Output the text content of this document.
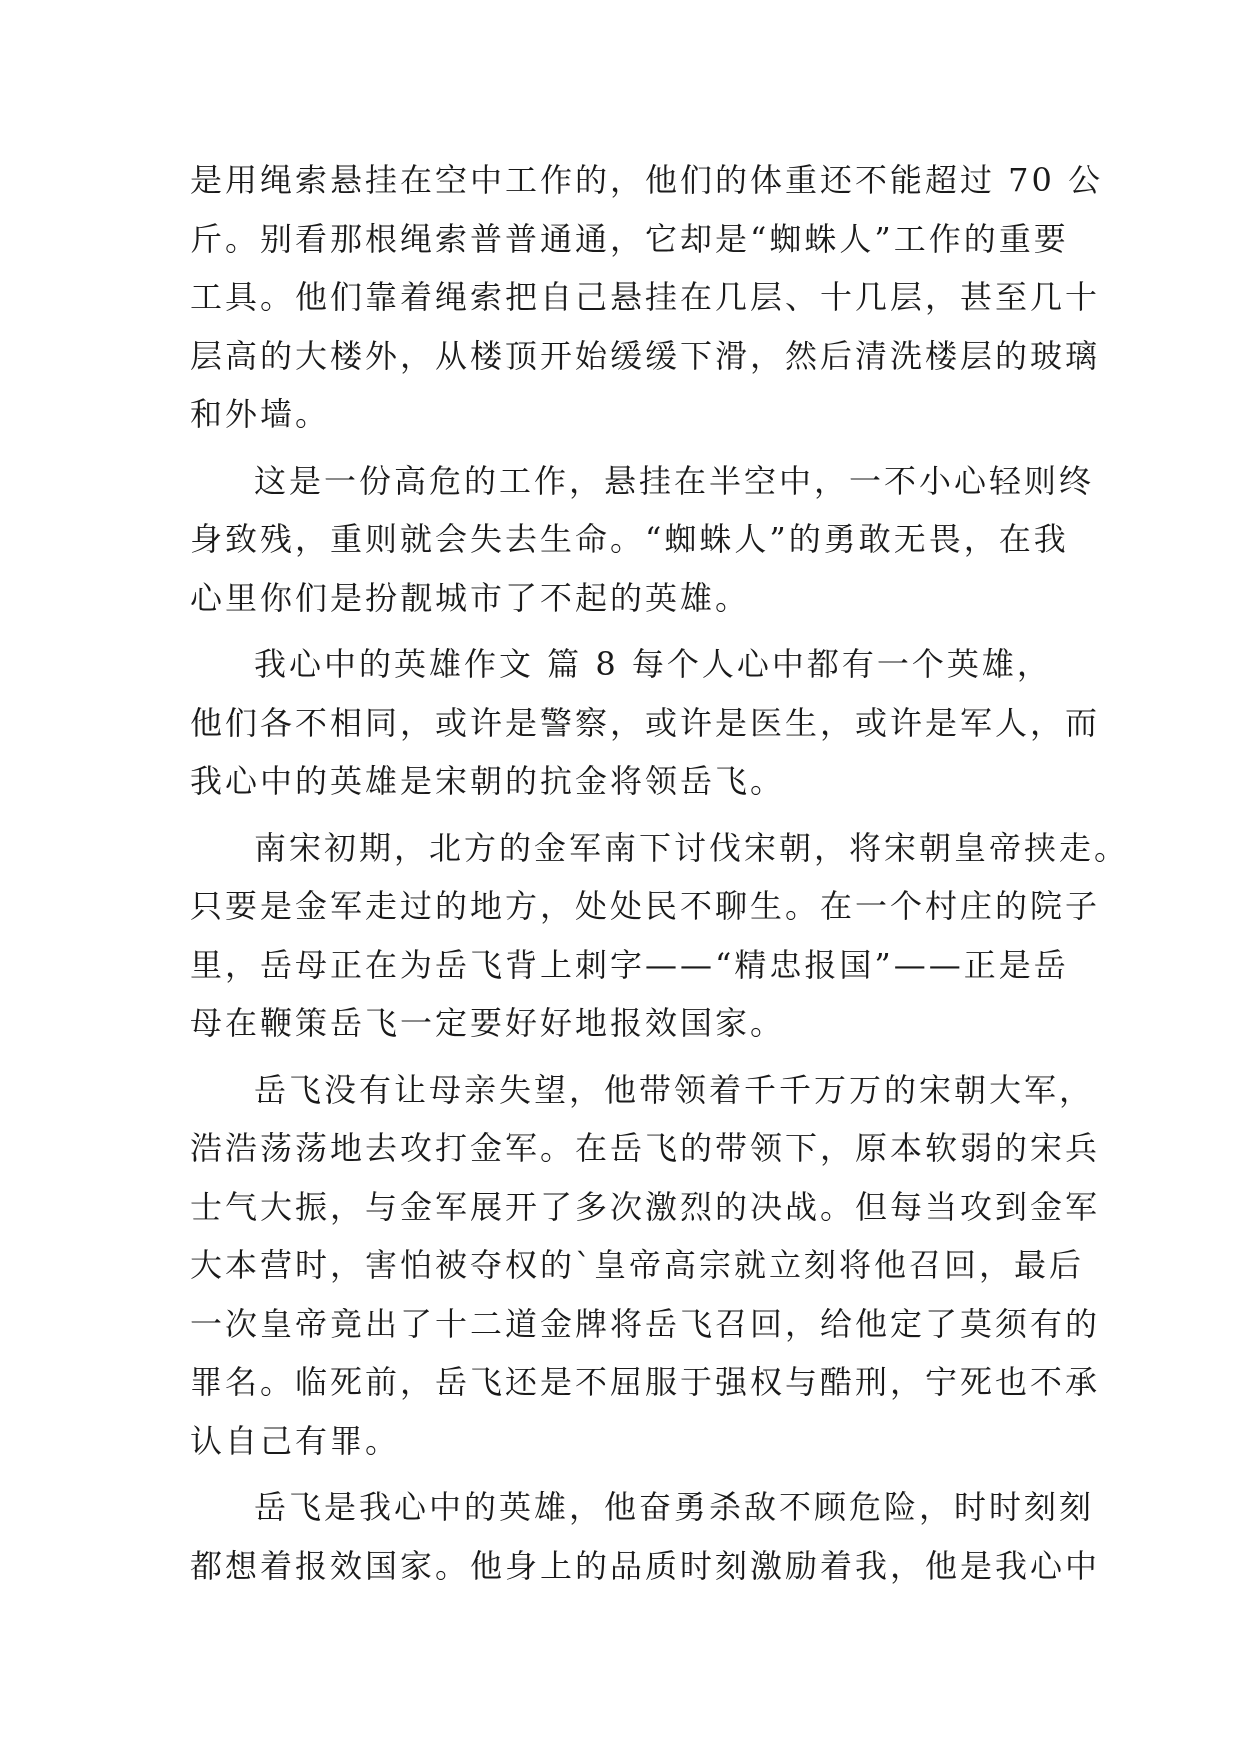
是用绳索悬挂在空中工作的，他们的体重还不能超过 70 公
斤。别看那根绳索普普通通，它却是“蜘蛛人”工作的重要
工具。他们靠着绳索把自己悬挂在几层、十几层，甚至几十
层高的大楼外，从楼顶开始缓缓下滑，然后清洗楼层的玻璃
和外墙。
这是一份高危的工作，悬挂在半空中，一不小心轻则终
身致残，重则就会失去生命。“蜘蛛人”的勇敢无畏，在我
心里你们是扮靓城市了不起的英雄。
我心中的英雄作文 篇 8 每个人心中都有一个英雄，
他们各不相同，或许是警察，或许是医生，或许是军人，而
我心中的英雄是宋朝的抗金将领岳飞。
南宋初期，北方的金军南下讨伐宋朝，将宋朝皇帝挟走。
只要是金军走过的地方，处处民不聊生。在一个村庄的院子
里，岳母正在为岳飞背上刺字——“精忠报国”——正是岳
母在鞭策岳飞一定要好好地报效国家。
岳飞没有让母亲失望，他带领着千千万万的宋朝大军，
浩浩荡荡地去攻打金军。在岳飞的带领下，原本软弱的宋兵
士气大振，与金军展开了多次激烈的决战。但每当攻到金军
大本营时，害怕被夺权的`皇帝高宗就立刻将他召回，最后
一次皇帝竟出了十二道金牌将岳飞召回，给他定了莫须有的
罪名。临死前，岳飞还是不屈服于强权与酷刑，宁死也不承
认自己有罪。
岳飞是我心中的英雄，他奋勇杀敌不顾危险，时时刻刻
都想着报效国家。他身上的品质时刻激励着我，他是我心中
